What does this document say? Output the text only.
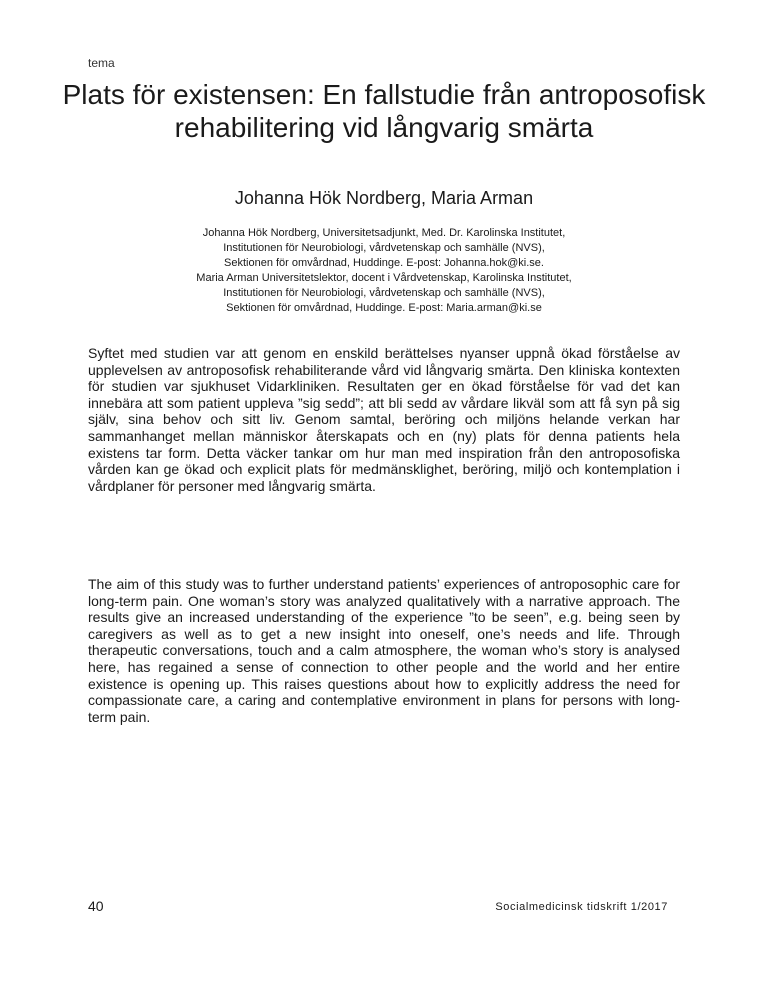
tema
Plats för existensen: En fallstudie från antroposofisk rehabilitering vid långvarig smärta
Johanna Hök Nordberg, Maria Arman
Johanna Hök Nordberg, Universitetsadjunkt, Med. Dr. Karolinska Institutet,
Institutionen för Neurobiologi, vårdvetenskap och samhälle (NVS),
Sektionen för omvårdnad, Huddinge. E-post: Johanna.hok@ki.se.
Maria Arman Universitetslektor, docent i Vårdvetenskap, Karolinska Institutet,
Institutionen för Neurobiologi, vårdvetenskap och samhälle (NVS),
Sektionen för omvårdnad, Huddinge. E-post: Maria.arman@ki.se

Syftet med studien var att genom en enskild berättelses nyanser uppnå ökad förståelse av upplevelsen av antroposofisk rehabiliterande vård vid långvarig smärta. Den kliniska kontexten för studien var sjukhuset Vidarkliniken. Resultaten ger en ökad förståelse för vad det kan innebära att som patient uppleva ”sig sedd”; att bli sedd av vårdare likväl som att få syn på sig själv, sina behov och sitt liv. Genom samtal, beröring och miljöns helande verkan har sammanhanget mellan människor återskapats och en (ny) plats för denna patients hela existens tar form. Detta väcker tankar om hur man med inspiration från den antroposofiska vården kan ge ökad och explicit plats för medmänsklighet, beröring, miljö och kontemplation i vårdplaner för personer med långvarig smärta.

The aim of this study was to further understand patients’ experiences of antroposophic care for long-term pain. One woman’s story was analyzed qualitatively with a narrative approach. The results give an increased understanding of the experience ”to be seen”, e.g. being seen by caregivers as well as to get a new insight into oneself, one’s needs and life. Through therapeutic conversations, touch and a calm atmosphere, the woman who’s story is analysed here, has regained a sense of connection to other people and the world and her entire existence is opening up. This raises questions about how to explicitly address the need for compassionate care, a caring and contemplative environment in plans for persons with long-term pain.

40	Socialmedicinsk tidskrift 1/2017
